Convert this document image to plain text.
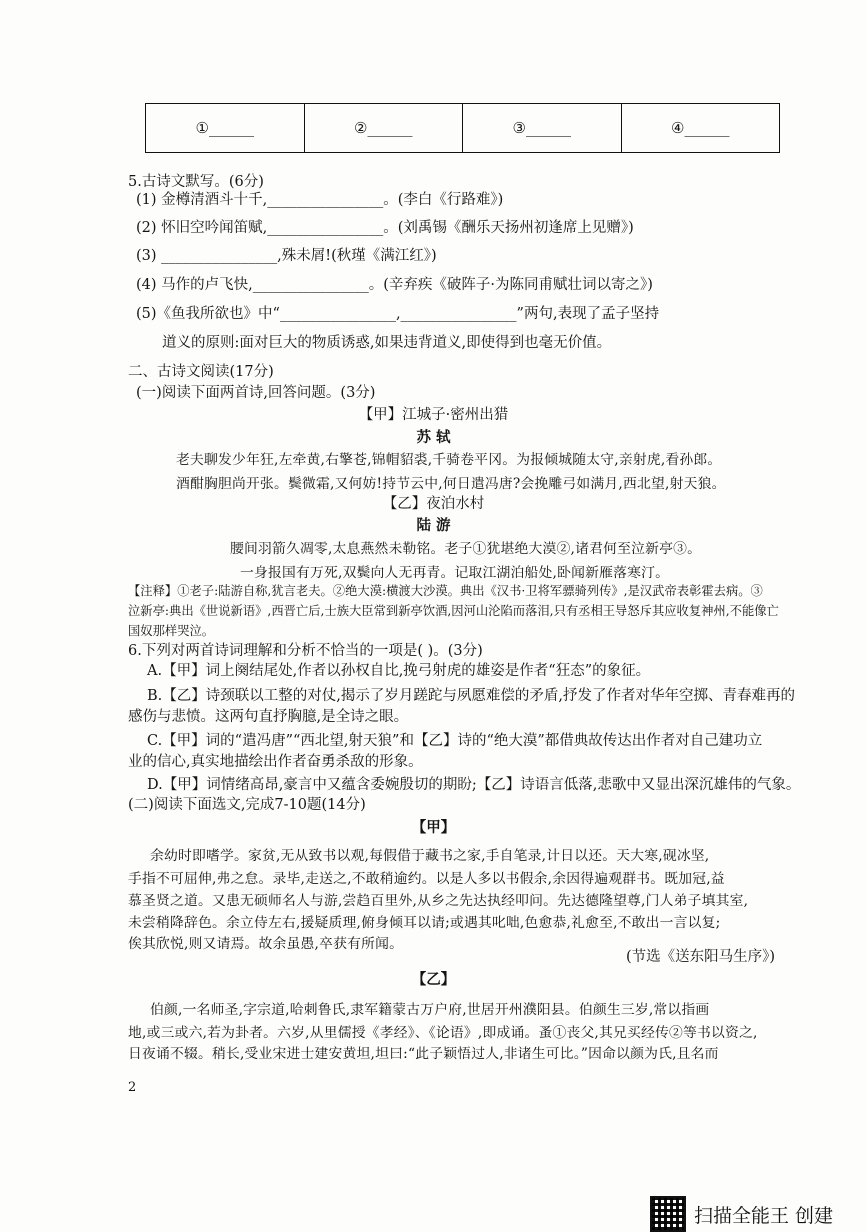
①______	②______	③______	④______
5.古诗文默写。(6分)
(1) 金樽清酒斗十千,________________。(李白《行路难》)
(2) 怀旧空吟闻笛赋,________________。(刘禹锡《酬乐天扬州初逢席上见赠》)
(3) ________________,殊未屑!(秋瑾《满江红》)
(4) 马作的卢飞快,________________。(辛弃疾《破阵子·为陈同甫赋壮词以寄之》)
(5)《鱼我所欲也》中“________________,________________”两句,表现了孟子坚持
道义的原则:面对巨大的物质诱惑,如果违背道义,即使得到也毫无价值。
二、古诗文阅读(17分)
(一)阅读下面两首诗,回答问题。(3分)
【甲】江城子·密州出猎
苏 轼
老夫聊发少年狂,左牵黄,右擎苍,锦帽貂裘,千骑卷平冈。为报倾城随太守,亲射虎,看孙郎。
酒酣胸胆尚开张。鬓微霜,又何妨!持节云中,何日遣冯唐?会挽雕弓如满月,西北望,射天狼。
【乙】夜泊水村
陆 游
腰间羽箭久凋零,太息燕然未勒铭。老子①犹堪绝大漠②,诸君何至泣新亭③。
一身报国有万死,双鬓向人无再青。记取江湖泊船处,卧闻新雁落寒汀。
【注释】①老子:陆游自称,犹言老夫。②绝大漠:横渡大沙漠。典出《汉书·卫将军骠骑列传》,是汉武帝表彰霍去病。③
泣新亭:典出《世说新语》,西晋亡后,士族大臣常到新亭饮酒,因河山沦陷而落泪,只有丞相王导怒斥其应收复神州,不能像亡
国奴那样哭泣。
6.下列对两首诗词理解和分析不恰当的一项是( )。(3分)
A.【甲】词上阕结尾处,作者以孙权自比,挽弓射虎的雄姿是作者“狂态”的象征。
B.【乙】诗颈联以工整的对仗,揭示了岁月蹉跎与夙愿难偿的矛盾,抒发了作者对华年空掷、青春难再的
感伤与悲愤。这两句直抒胸臆,是全诗之眼。
C.【甲】词的“遣冯唐”“西北望,射天狼”和【乙】诗的“绝大漠”都借典故传达出作者对自己建功立
业的信心,真实地描绘出作者奋勇杀敌的形象。
D.【甲】词情绪高昂,豪言中又蕴含委婉殷切的期盼;【乙】诗语言低落,悲歌中又显出深沉雄伟的气象。
(二)阅读下面选文,完成7-10题(14分)
【甲】
余幼时即嗜学。家贫,无从致书以观,每假借于藏书之家,手自笔录,计日以还。天大寒,砚冰坚,
手指不可屈伸,弗之怠。录毕,走送之,不敢稍逾约。以是人多以书假余,余因得遍观群书。既加冠,益
慕圣贤之道。又患无硕师名人与游,尝趋百里外,从乡之先达执经叩问。先达德隆望尊,门人弟子填其室,
未尝稍降辞色。余立侍左右,援疑质理,俯身倾耳以请;或遇其叱咄,色愈恭,礼愈至,不敢出一言以复;
俟其欣悦,则又请焉。故余虽愚,卒获有所闻。
(节选《送东阳马生序》)
【乙】
伯颜,一名师圣,字宗道,哈刺鲁氏,隶军籍蒙古万户府,世居开州濮阳县。伯颜生三岁,常以指画
地,或三或六,若为卦者。六岁,从里儒授《孝经》、《论语》,即成诵。蚤①丧父,其兄买经传②等书以资之,
日夜诵不辍。稍长,受业宋进士建安黄坦,坦曰:“此子颖悟过人,非诸生可比。”因命以颜为氏,且名而
2
扫描全能王 创建
